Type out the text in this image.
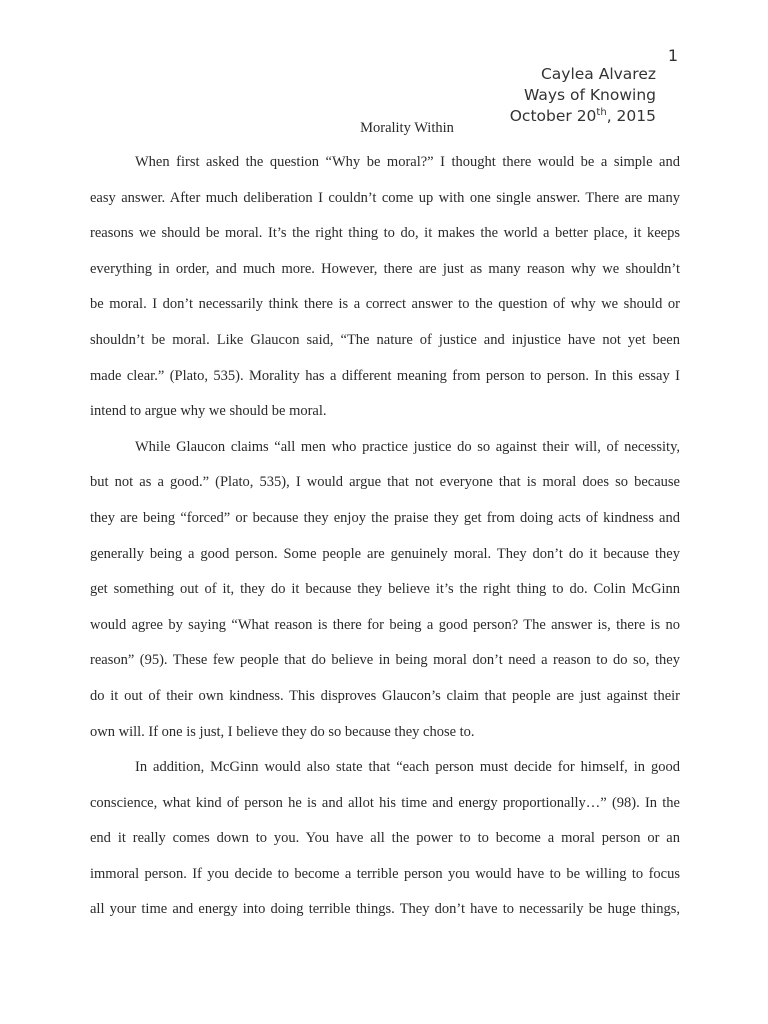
1
Caylea Alvarez
Ways of Knowing
October 20th, 2015
Morality Within
When first asked the question “Why be moral?” I thought there would be a simple and
easy answer. After much deliberation I couldn’t come up with one single answer. There are many
reasons we should be moral. It’s the right thing to do, it makes the world a better place, it keeps
everything in order, and much more. However, there are just as many reason why we shouldn’t
be moral. I don’t necessarily think there is a correct answer to the question of why we should or
shouldn’t be moral. Like Glaucon said, “The nature of justice and injustice have not yet been
made clear.” (Plato, 535). Morality has a different meaning from person to person. In this essay I
intend to argue why we should be moral.
While Glaucon claims “all men who practice justice do so against their will, of necessity,
but not as a good.” (Plato, 535), I would argue that not everyone that is moral does so because
they are being “forced” or because they enjoy the praise they get from doing acts of kindness and
generally being a good person. Some people are genuinely moral. They don’t do it because they
get something out of it, they do it because they believe it’s the right thing to do. Colin McGinn
would agree by saying “What reason is there for being a good person? The answer is, there is no
reason” (95). These few people that do believe in being moral don’t need a reason to do so, they
do it out of their own kindness. This disproves Glaucon’s claim that people are just against their
own will. If one is just, I believe they do so because they chose to.
In addition, McGinn would also state that “each person must decide for himself, in good
conscience, what kind of person he is and allot his time and energy proportionally…” (98). In the
end it really comes down to you. You have all the power to to become a moral person or an
immoral person. If you decide to become a terrible person you would have to be willing to focus
all your time and energy into doing terrible things. They don’t have to necessarily be huge things,
